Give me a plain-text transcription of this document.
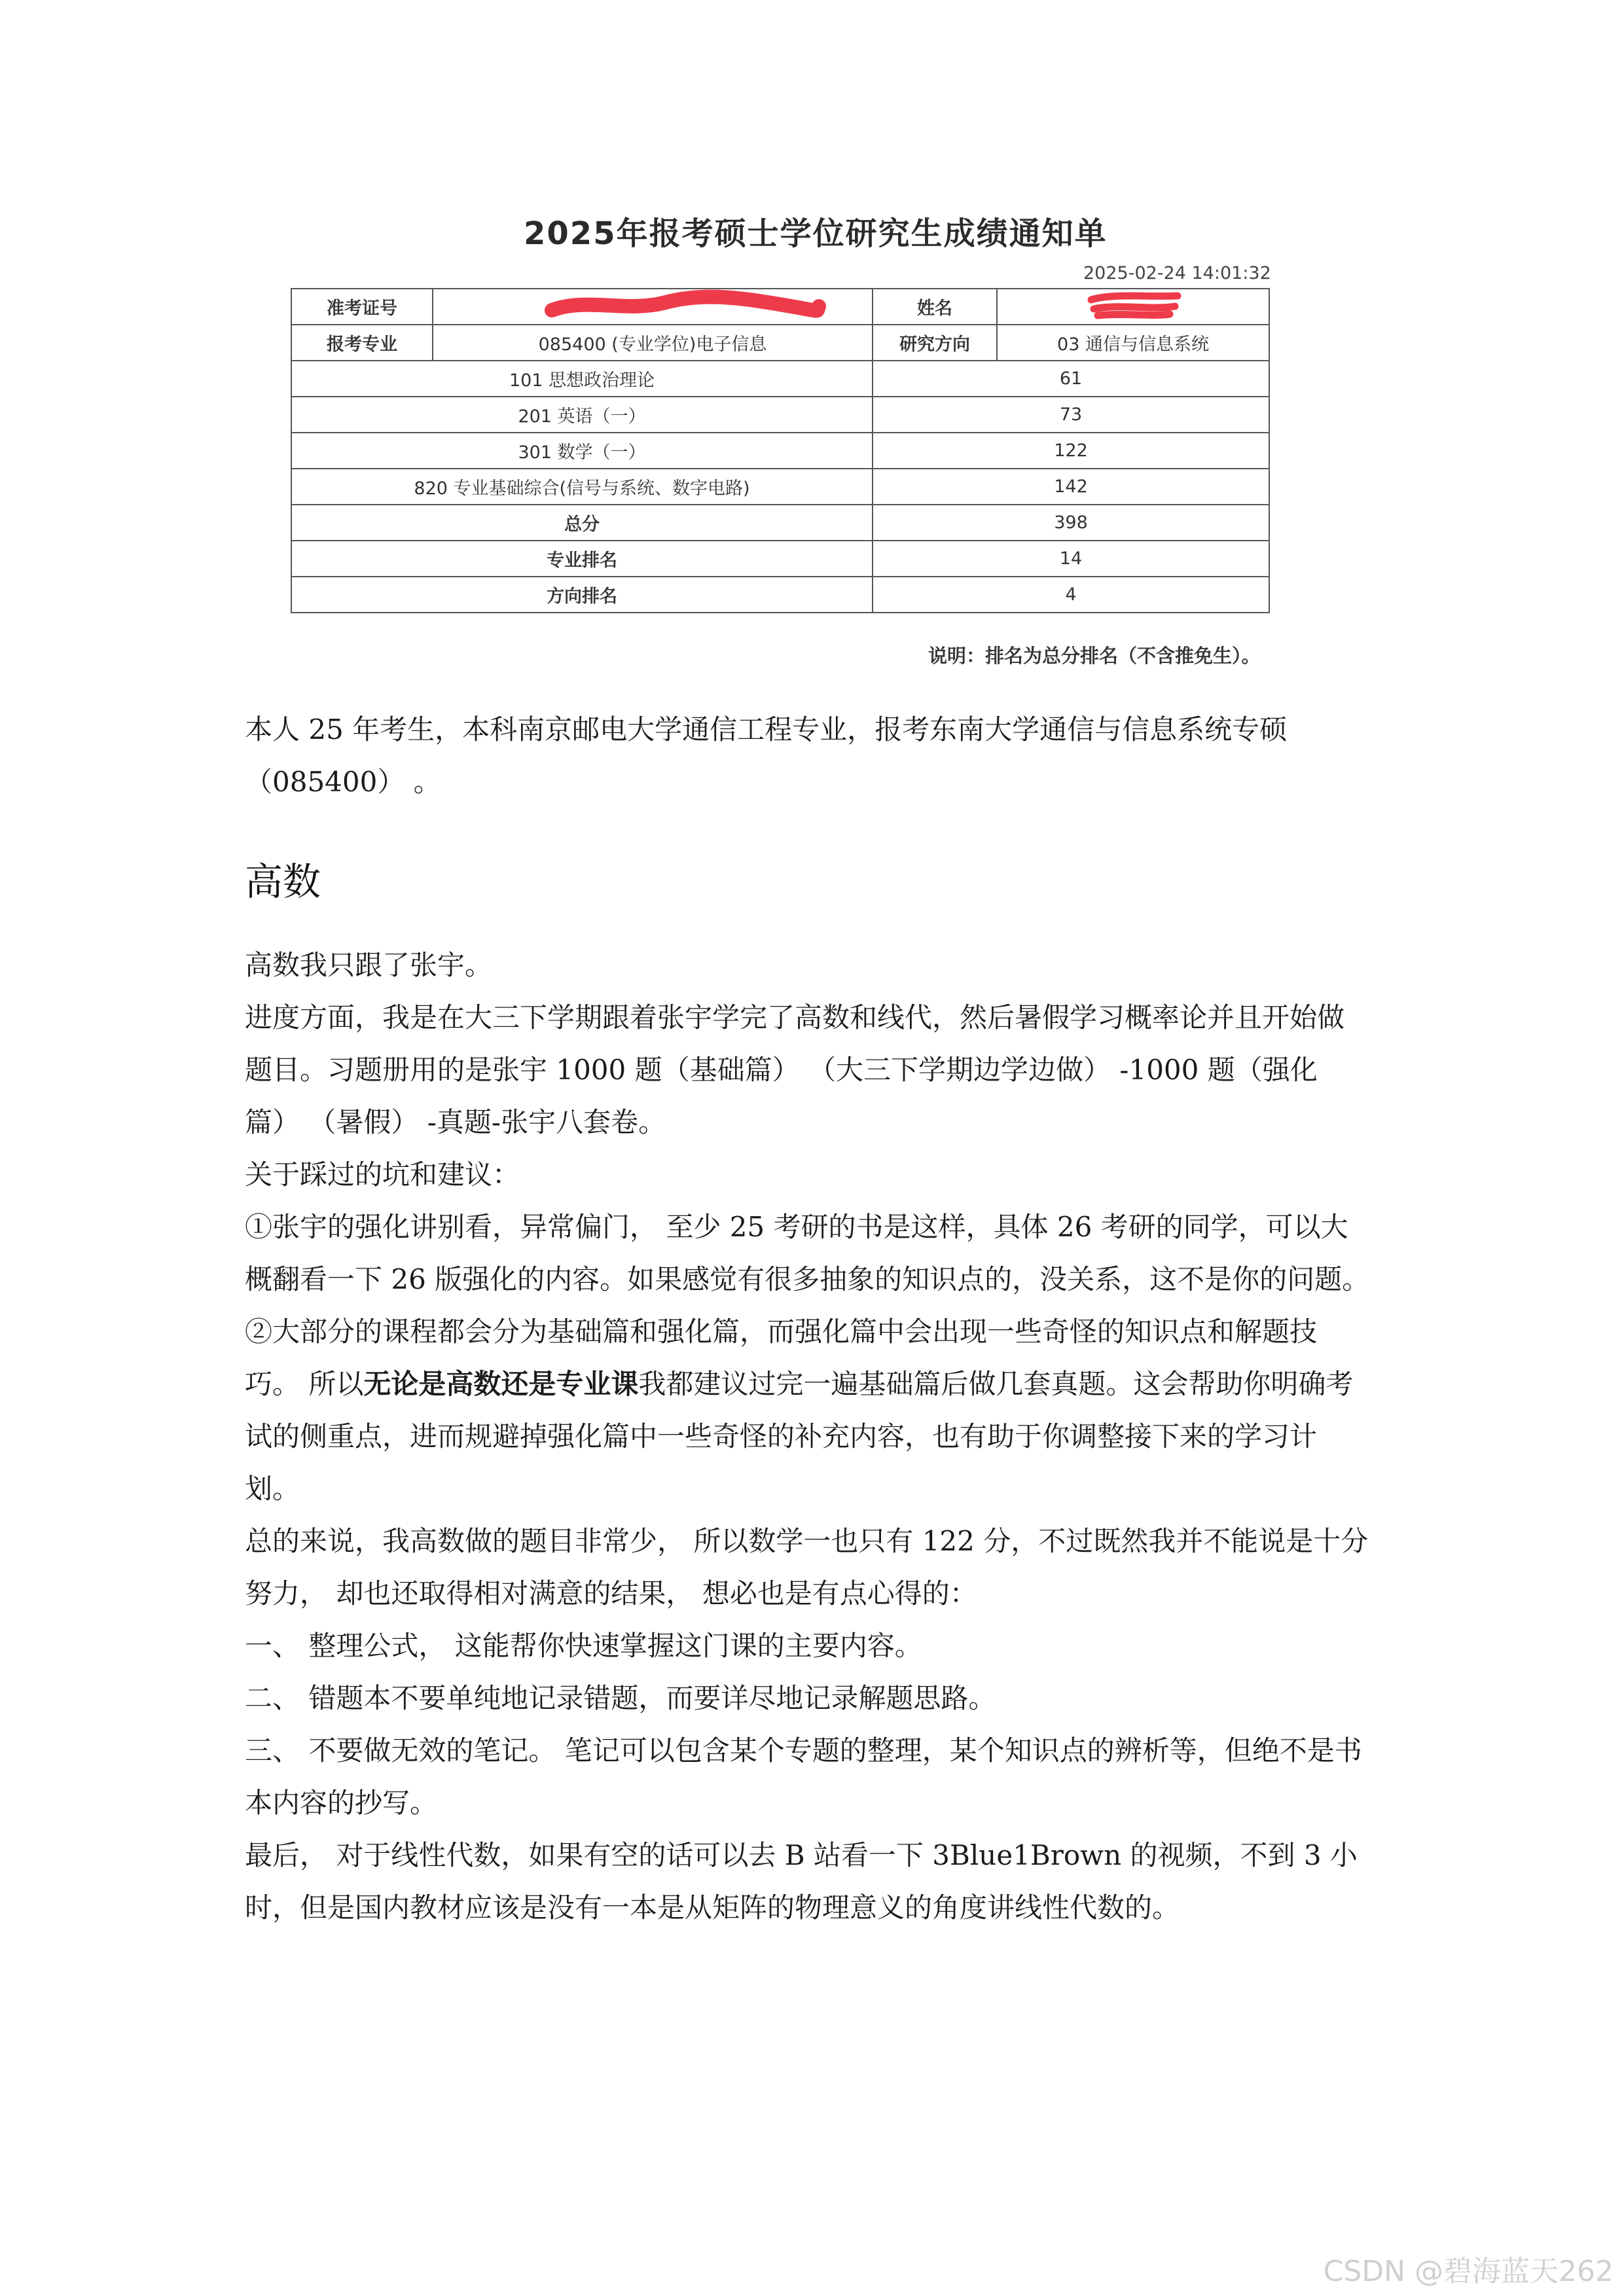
2025年报考硕士学位研究生成绩通知单
2025-02-24 14:01:32
准考证号		姓名	

报考专业	085400 (专业学位)电子信息	研究方向	03 通信与信息系统
101 思想政治理论		61	
201 英语（一）		73	
301 数学（一）		122	
820 专业基础综合(信号与系统、数字电路)		142	
总分		398	
专业排名		14	
方向排名		4	
说明：排名为总分排名（不含推免生）。

本人 25 年考生，本科南京邮电大学通信工程专业，报考东南大学通信与信息系统专硕（085400） 。

高数

高数我只跟了张宇。

进度方面，我是在大三下学期跟着张宇学完了高数和线代，然后暑假学习概率论并且开始做题目。习题册用的是张宇 1000 题（基础篇） （大三下学期边学边做） -1000 题（强化篇） （暑假） -真题-张宇八套卷。

关于踩过的坑和建议：

①张宇的强化讲别看，异常偏门， 至少 25 考研的书是这样，具体 26 考研的同学，可以大概翻看一下 26 版强化的内容。如果感觉有很多抽象的知识点的，没关系，这不是你的问题。

②大部分的课程都会分为基础篇和强化篇，而强化篇中会出现一些奇怪的知识点和解题技巧。 所以无论是高数还是专业课我都建议过完一遍基础篇后做几套真题。这会帮助你明确考试的侧重点，进而规避掉强化篇中一些奇怪的补充内容，也有助于你调整接下来的学习计划。

总的来说，我高数做的题目非常少， 所以数学一也只有 122 分，不过既然我并不能说是十分努力， 却也还取得相对满意的结果， 想必也是有点心得的：

一、 整理公式， 这能帮你快速掌握这门课的主要内容。

二、 错题本不要单纯地记录错题，而要详尽地记录解题思路。

三、 不要做无效的笔记。 笔记可以包含某个专题的整理，某个知识点的辨析等，但绝不是书本内容的抄写。

最后， 对于线性代数，如果有空的话可以去 B 站看一下 3Blue1Brown 的视频，不到 3 小时，但是国内教材应该是没有一本是从矩阵的物理意义的角度讲线性代数的。

CSDN @碧海蓝天262
